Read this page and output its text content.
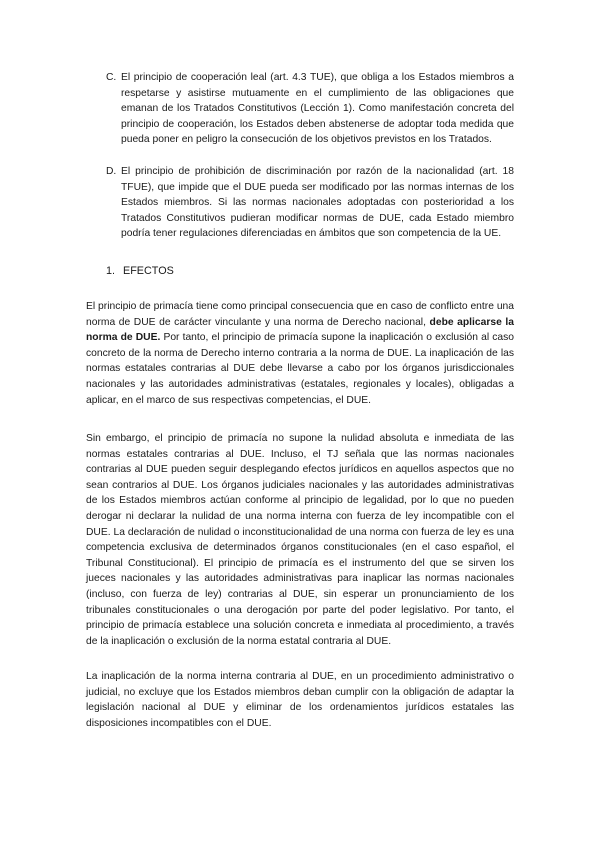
C. El principio de cooperación leal (art. 4.3 TUE), que obliga a los Estados miembros a respetarse y asistirse mutuamente en el cumplimiento de las obligaciones que emanan de los Tratados Constitutivos (Lección 1). Como manifestación concreta del principio de cooperación, los Estados deben abstenerse de adoptar toda medida que pueda poner en peligro la consecución de los objetivos previstos en los Tratados.
D. El principio de prohibición de discriminación por razón de la nacionalidad (art. 18 TFUE), que impide que el DUE pueda ser modificado por las normas internas de los Estados miembros. Si las normas nacionales adoptadas con posterioridad a los Tratados Constitutivos pudieran modificar normas de DUE, cada Estado miembro podría tener regulaciones diferenciadas en ámbitos que son competencia de la UE.
1. EFECTOS

El principio de primacía tiene como principal consecuencia que en caso de conflicto entre una norma de DUE de carácter vinculante y una norma de Derecho nacional, debe aplicarse la norma de DUE. Por tanto, el principio de primacía supone la inaplicación o exclusión al caso concreto de la norma de Derecho interno contraria a la norma de DUE. La inaplicación de las normas estatales contrarias al DUE debe llevarse a cabo por los órganos jurisdiccionales nacionales y las autoridades administrativas (estatales, regionales y locales), obligadas a aplicar, en el marco de sus respectivas competencias, el DUE.

Sin embargo, el principio de primacía no supone la nulidad absoluta e inmediata de las normas estatales contrarias al DUE. Incluso, el TJ señala que las normas nacionales contrarias al DUE pueden seguir desplegando efectos jurídicos en aquellos aspectos que no sean contrarios al DUE. Los órganos judiciales nacionales y las autoridades administrativas de los Estados miembros actúan conforme al principio de legalidad, por lo que no pueden derogar ni declarar la nulidad de una norma interna con fuerza de ley incompatible con el DUE. La declaración de nulidad o inconstitucionalidad de una norma con fuerza de ley es una competencia exclusiva de determinados órganos constitucionales (en el caso español, el Tribunal Constitucional). El principio de primacía es el instrumento del que se sirven los jueces nacionales y las autoridades administrativas para inaplicar las normas nacionales (incluso, con fuerza de ley) contrarias al DUE, sin esperar un pronunciamiento de los tribunales constitucionales o una derogación por parte del poder legislativo. Por tanto, el principio de primacía establece una solución concreta e inmediata al procedimiento, a través de la inaplicación o exclusión de la norma estatal contraria al DUE.

La inaplicación de la norma interna contraria al DUE, en un procedimiento administrativo o judicial, no excluye que los Estados miembros deban cumplir con la obligación de adaptar la legislación nacional al DUE y eliminar de los ordenamientos jurídicos estatales las disposiciones incompatibles con el DUE.
